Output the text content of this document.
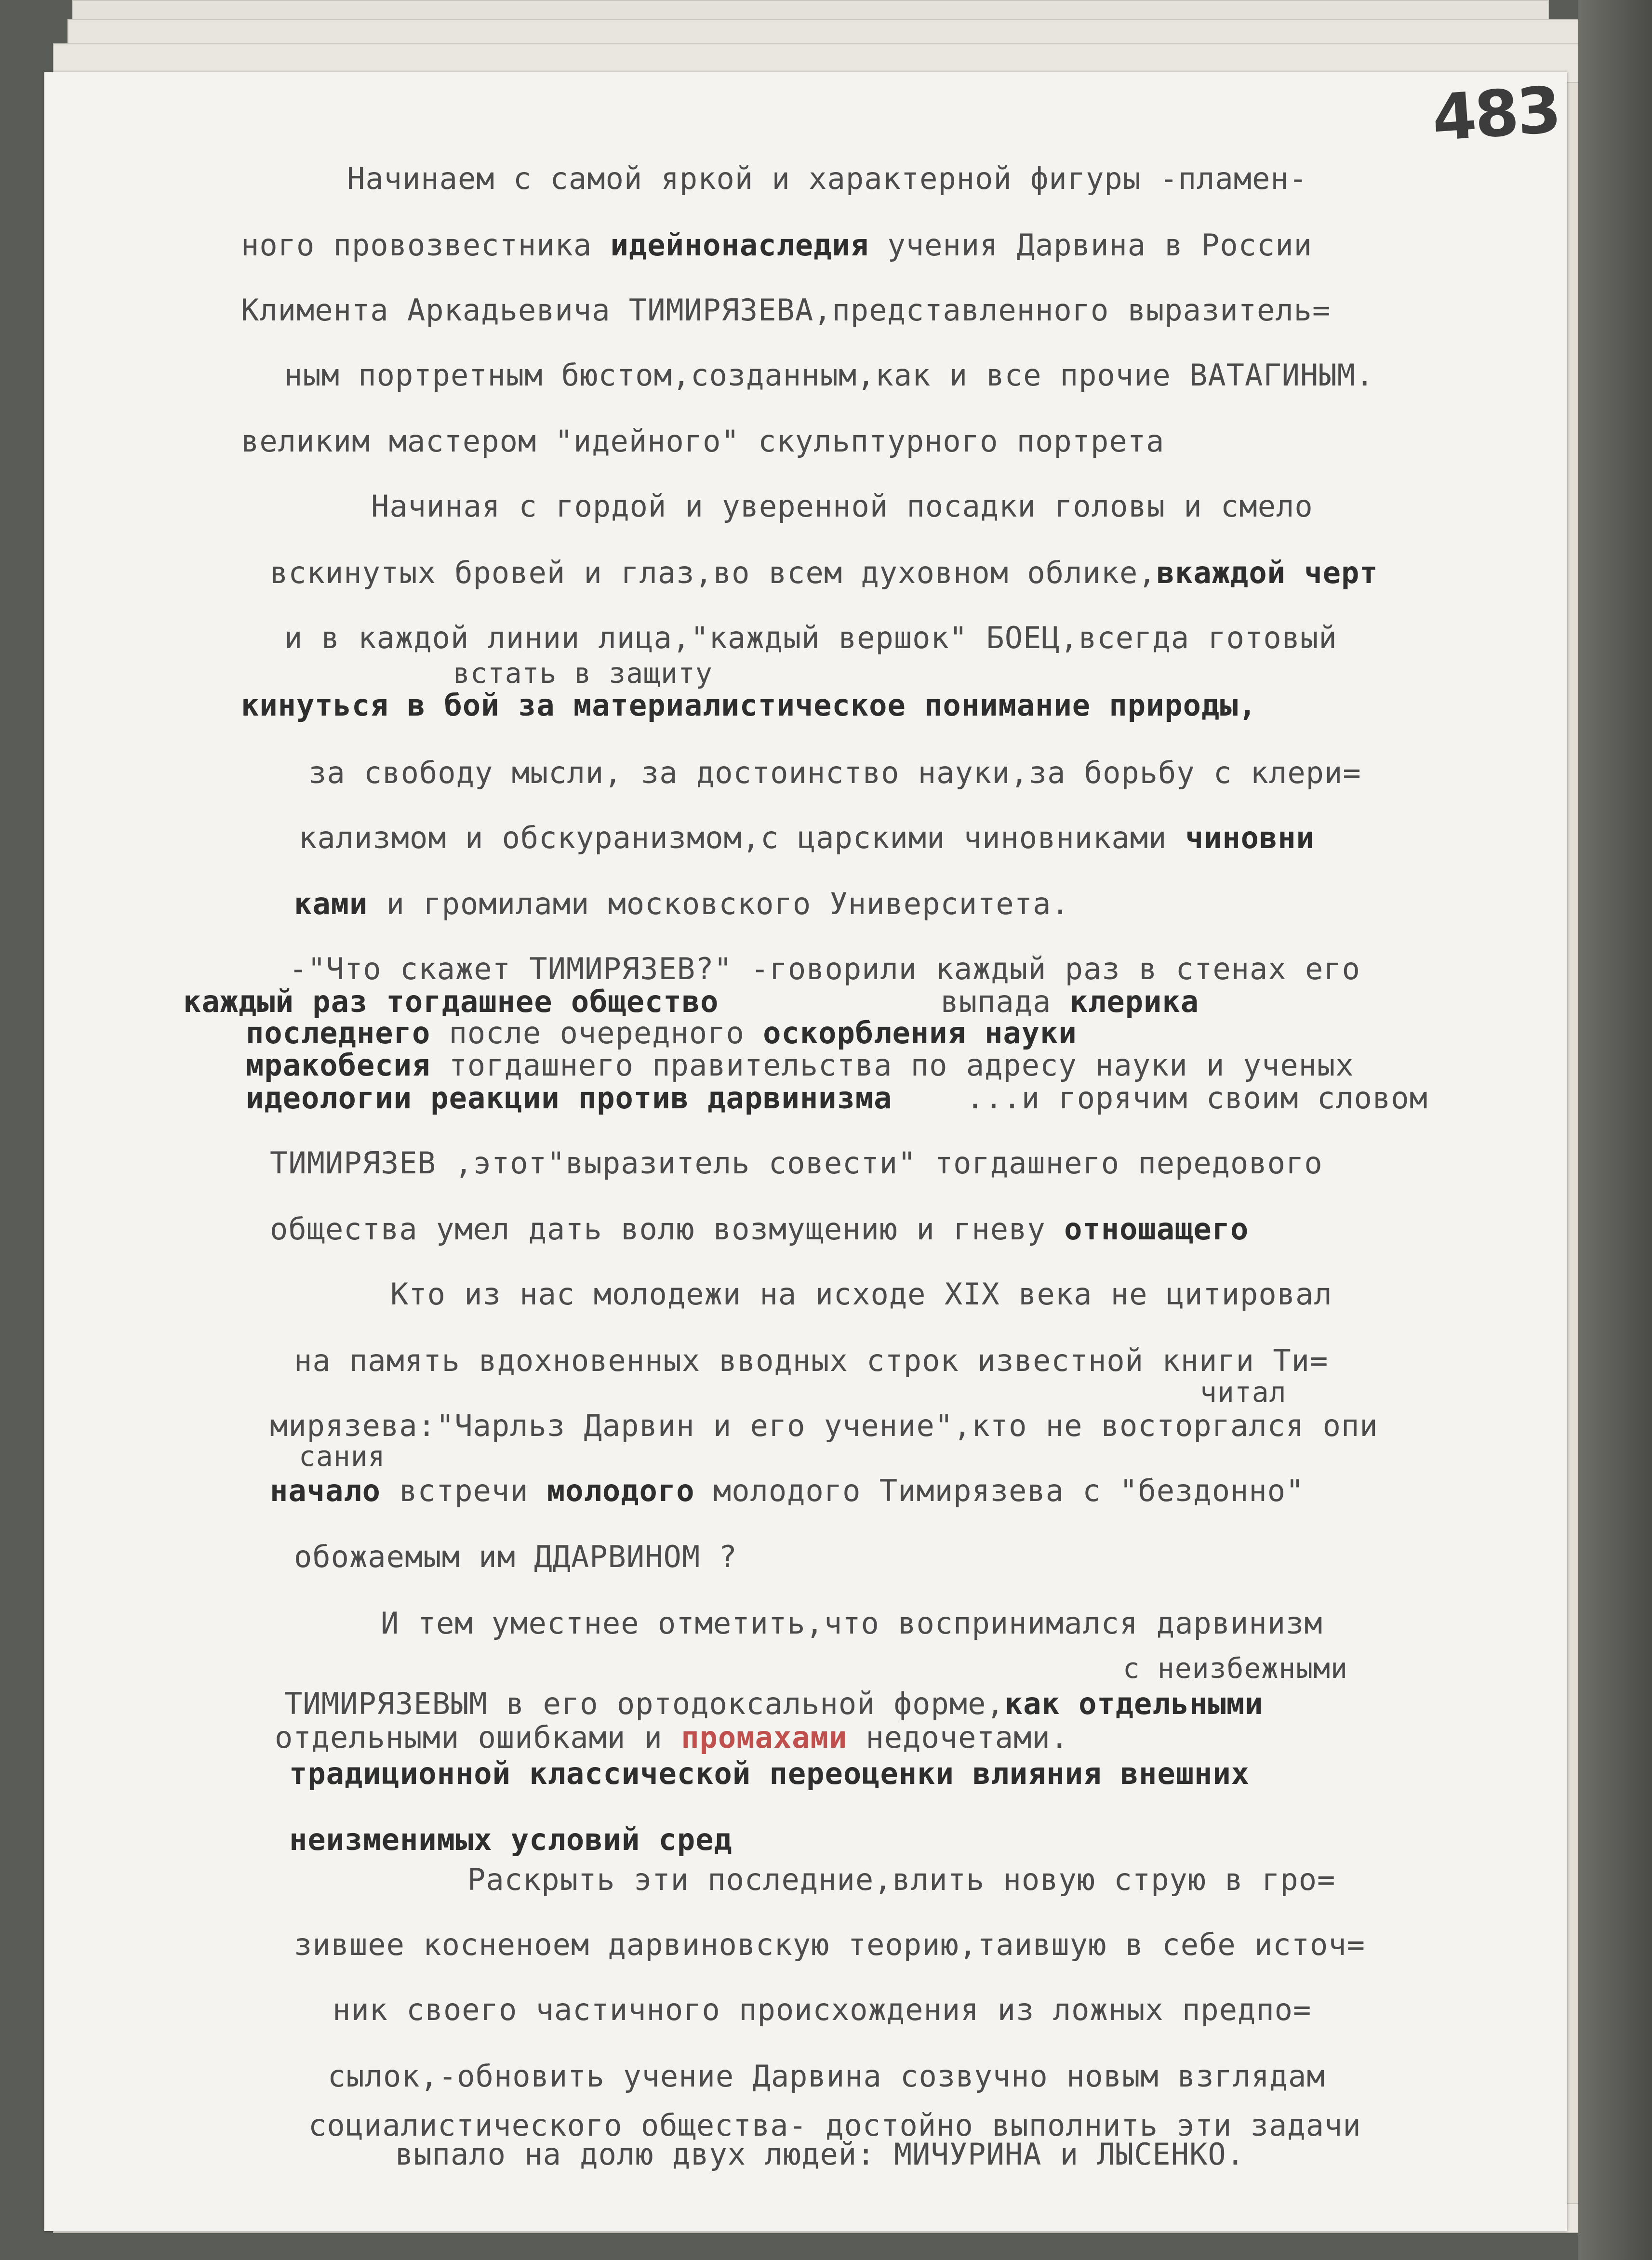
483
Начинаем с самой яркой и характерной фигуры -пламен-
ного провозвестника идейнонаследия учения Дарвина в России
Климента Аркадьевича ТИМИРЯЗЕВА,представленного выразитель=
ным портретным бюстом,созданным,как и все прочие ВАТАГИНЫМ.
великим мастером "идейного" скульптурного портрета
Начиная с гордой и уверенной посадки головы и смело
вскинутых бровей и глаз,во всем духовном облике,вкаждой черт
и в каждой линии лица,"каждый вершок" БОЕЦ,всегда готовый
встать в защиту
кинуться в бой за материалистическое понимание природы,
за свободу мысли, за достоинство науки,за борьбу с клери=
кализмом и обскуранизмом,с царскими чиновниками чиновни
ками и громилами московского Университета.
-"Что скажет ТИМИРЯЗЕВ?" -говорили каждый раз в стенах его
каждый раз тогдашнее общество	выпада клерика
последнего после очередного оскорбления науки
мракобесия тогдашнего правительства по адресу науки и ученых
идеологии реакции против дарвинизма ...и горячим своим словом
ТИМИРЯЗЕВ ,этот"выразитель совести" тогдашнего передового
общества умел дать волю возмущению и гневу отношащего
Кто из нас молодежи на исходе XIX века не цитировал
на память вдохновенных вводных строк известной книги Ти=
читал
мирязева:"Чарльз Дарвин и его учение",кто не восторгался опи
сания
начало встречи молодого молодого Тимирязева с "бездонно"
обожаемым им ДДАРВИНОМ ?
И тем уместнее отметить,что воспринимался дарвинизм
с неизбежными
ТИМИРЯЗЕВЫМ в его ортодоксальной форме,как отдельными
отдельными ошибками и промахами недочетами.
традиционной классической переоценки влияния внешних
неизменимых условий сред
Раскрыть эти последние,влить новую струю в гро=
зившее косненоем дарвиновскую теорию,таившую в себе источ=
ник своего частичного происхождения из ложных предпо=
сылок,-обновить учение Дарвина созвучно новым взглядам
социалистического общества- достойно выполнить эти задачи
выпало на долю двух людей: МИЧУРИНА и ЛЫСЕНКО.
